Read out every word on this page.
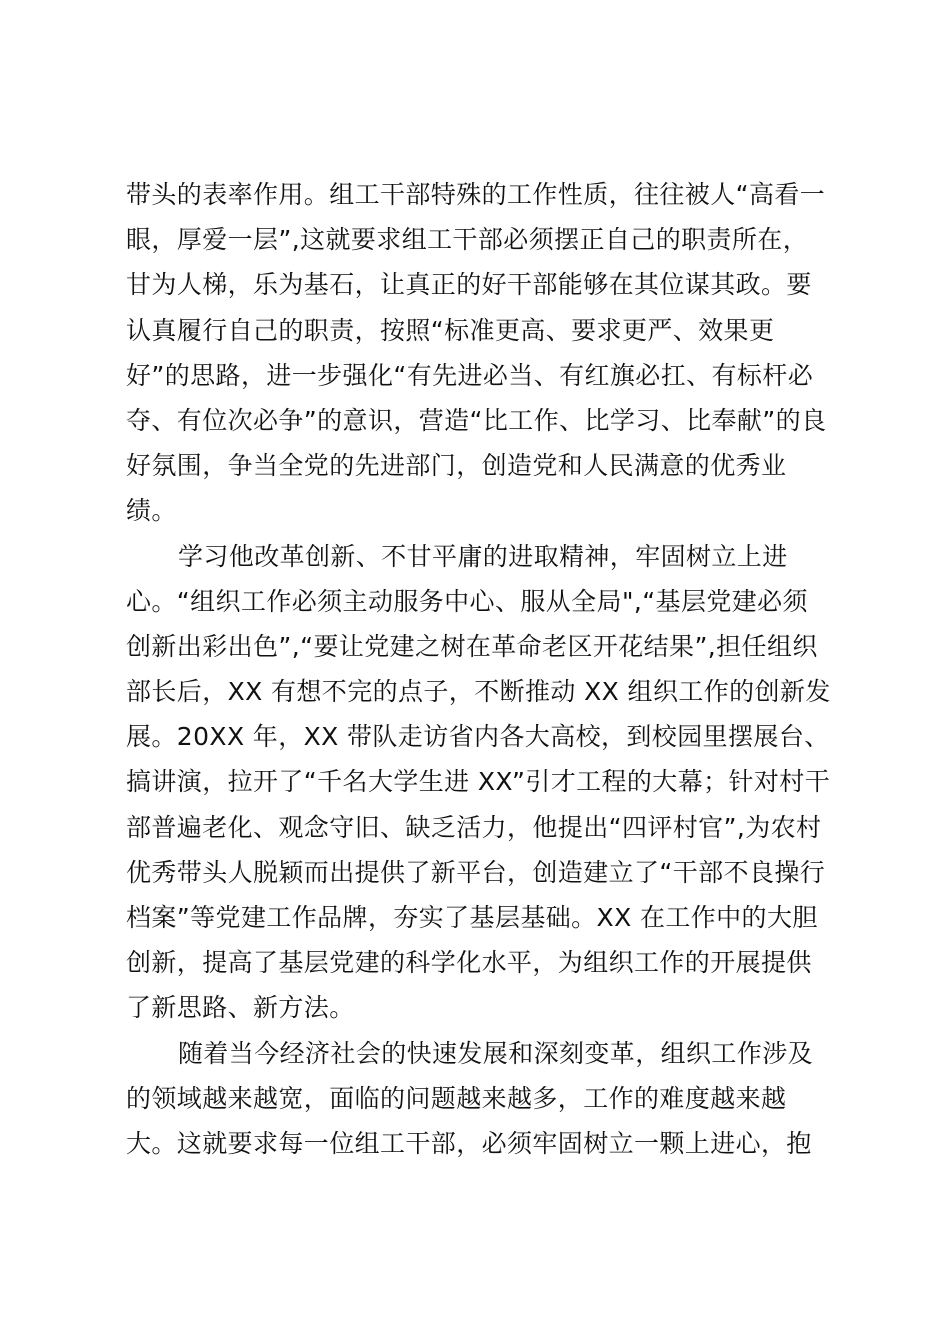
带头的表率作用。组工干部特殊的工作性质，往往被人“高看一
眼，厚爱一层”,这就要求组工干部必须摆正自己的职责所在，
甘为人梯，乐为基石，让真正的好干部能够在其位谋其政。要
认真履行自己的职责，按照“标准更高、要求更严、效果更
好”的思路，进一步强化“有先进必当、有红旗必扛、有标杆必
夺、有位次必争”的意识，营造“比工作、比学习、比奉献”的良
好氛围，争当全党的先进部门，创造党和人民满意的优秀业
绩。

学习他改革创新、不甘平庸的进取精神，牢固树立上进
心。“组织工作必须主动服务中心、服从全局",“基层党建必须
创新出彩出色”,“要让党建之树在革命老区开花结果”,担任组织
部长后，XX 有想不完的点子，不断推动 XX 组织工作的创新发
展。20XX 年，XX 带队走访省内各大高校，到校园里摆展台、
搞讲演，拉开了“千名大学生进 XX”引才工程的大幕；针对村干
部普遍老化、观念守旧、缺乏活力，他提出“四评村官”,为农村
优秀带头人脱颖而出提供了新平台，创造建立了“干部不良操行
档案”等党建工作品牌，夯实了基层基础。XX 在工作中的大胆
创新，提高了基层党建的科学化水平，为组织工作的开展提供
了新思路、新方法。

随着当今经济社会的快速发展和深刻变革，组织工作涉及
的领域越来越宽，面临的问题越来越多，工作的难度越来越
大。这就要求每一位组工干部，必须牢固树立一颗上进心，抱
